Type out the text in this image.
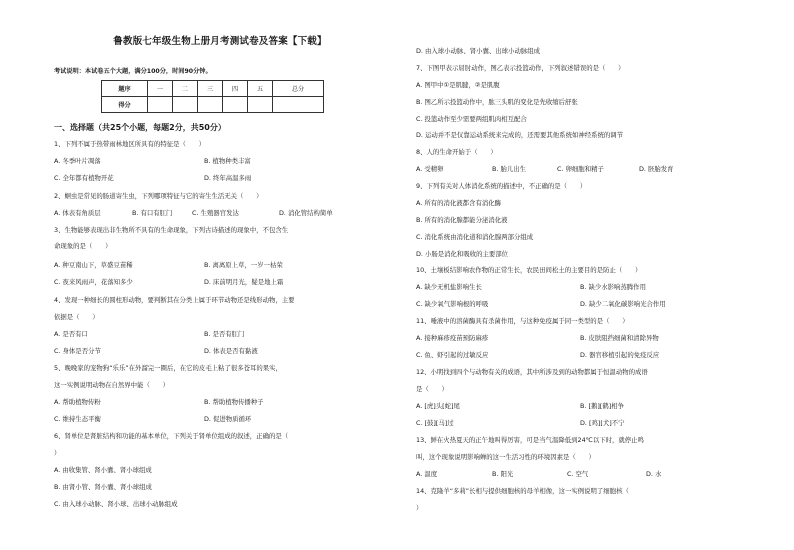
鲁教版七年级生物上册月考测试卷及答案【下载】
考试说明：本试卷五个大题，满分100分，时间90分钟。
题序	一	二	三	四	五	总分
得分						
一、选择题（共25个小题，每题2分，共50分）
1、下列不属于热带雨林地区所具有的特征是（　　）
A. 冬季叶片凋落	B. 植物种类丰富
C. 全年都有植物开花	D. 终年高温多雨
2、蛔虫是常见的肠道寄生虫，下列哪项特征与它的寄生生活无关（　　）
A. 体表有角质层	B. 有口有肛门	C. 生殖器官发达	D. 消化管结构简单
3、生物能够表现出非生物所不具有的生命现象，下列古诗描述的现象中，不包含生
命现象的是（　　）
A. 种豆南山下，草盛豆苗稀	B. 离离原上草，一岁一枯荣
C. 夜来风雨声，花落知多少	D. 床前明月光，疑是地上霜
4、发现一种细长的圆柱形动物，要判断其在分类上属于环节动物还是线形动物，主要
依据是（　　）
A. 是否有口	B. 是否有肛门
C. 身体是否分节	D. 体表是否有黏液
5、晚晚家的宠物狗“乐乐”在外溜完一圈后，在它的皮毛上粘了很多苍耳的果实，
这一实例说明动物在自然界中能（　　）
A. 帮助植物传粉	B. 帮助植物传播种子
C. 维持生态平衡	D. 促进物质循环
6、肾单位是肾脏结构和功能的基本单位，下列关于肾单位组成的叙述，正确的是（
）
A. 由收集管、肾小囊、肾小球组成
B. 由肾小管、肾小囊、肾小球组成
C. 由入球小动脉、肾小球、出球小动脉组成
D. 由入球小动脉、肾小囊、出球小动脉组成
7、下图甲表示屈肘动作，图乙表示投篮动作，下列叙述错误的是（　　）
A. 图甲中①是肌腱，②是肌腹
B. 图乙所示投篮动作中，肱三头肌的变化是先收缩后舒张
C. 投篮动作至少需要两组肌肉相互配合
D. 运动并不是仅靠运动系统来完成的，还需要其他系统如神经系统的调节
8、人的生命开始于（　　）
A. 受精卵	B. 胎儿出生	C. 卵细胞和精子	D. 胚胎发育
9、下列有关对人体消化系统的描述中，不正确的是（　　）
A. 所有的消化液都含有消化酶
B. 所有的消化腺都能分泌消化液
C. 消化系统由消化道和消化腺两部分组成
D. 小肠是消化和吸收的主要部位
10、土壤板结影响农作物的正常生长，农民田间松土的主要目的是防止（　　）
A. 缺少无机盐影响生长	B. 缺少水影响蒸腾作用
C. 缺少氧气影响根的呼吸	D. 缺少二氧化碳影响光合作用
11、唾液中的溶菌酶具有杀菌作用，与这种免疫属于同一类型的是（　　）
A. 接种麻疹疫苗预防麻疹	B. 皮肤阻挡细菌和清除异物
C. 鱼、虾引起的过敏反应	D. 器官移植引起的免疫反应
12、小明找到四个与动物有关的成语，其中所涉及到的动物都属于恒温动物的成语
是（　　）
A. [虎]头[蛇]尾	B. [鹅][鹤]相争
C. [鼓][马]过	D. [鸡][犬]不宁
13、鲜在火热夏天的正午地叫得厉害，可是当气温降低到24℃以下时，就停止鸣
叫，这个现象说明影响蝉的这一生活习性的环境因素是（　　）
A. 温度	B. 阳光	C. 空气	D. 水
14、克隆羊“多莉”长相与提供细胞核的母羊相像，这一实例说明了细胞核（
）
